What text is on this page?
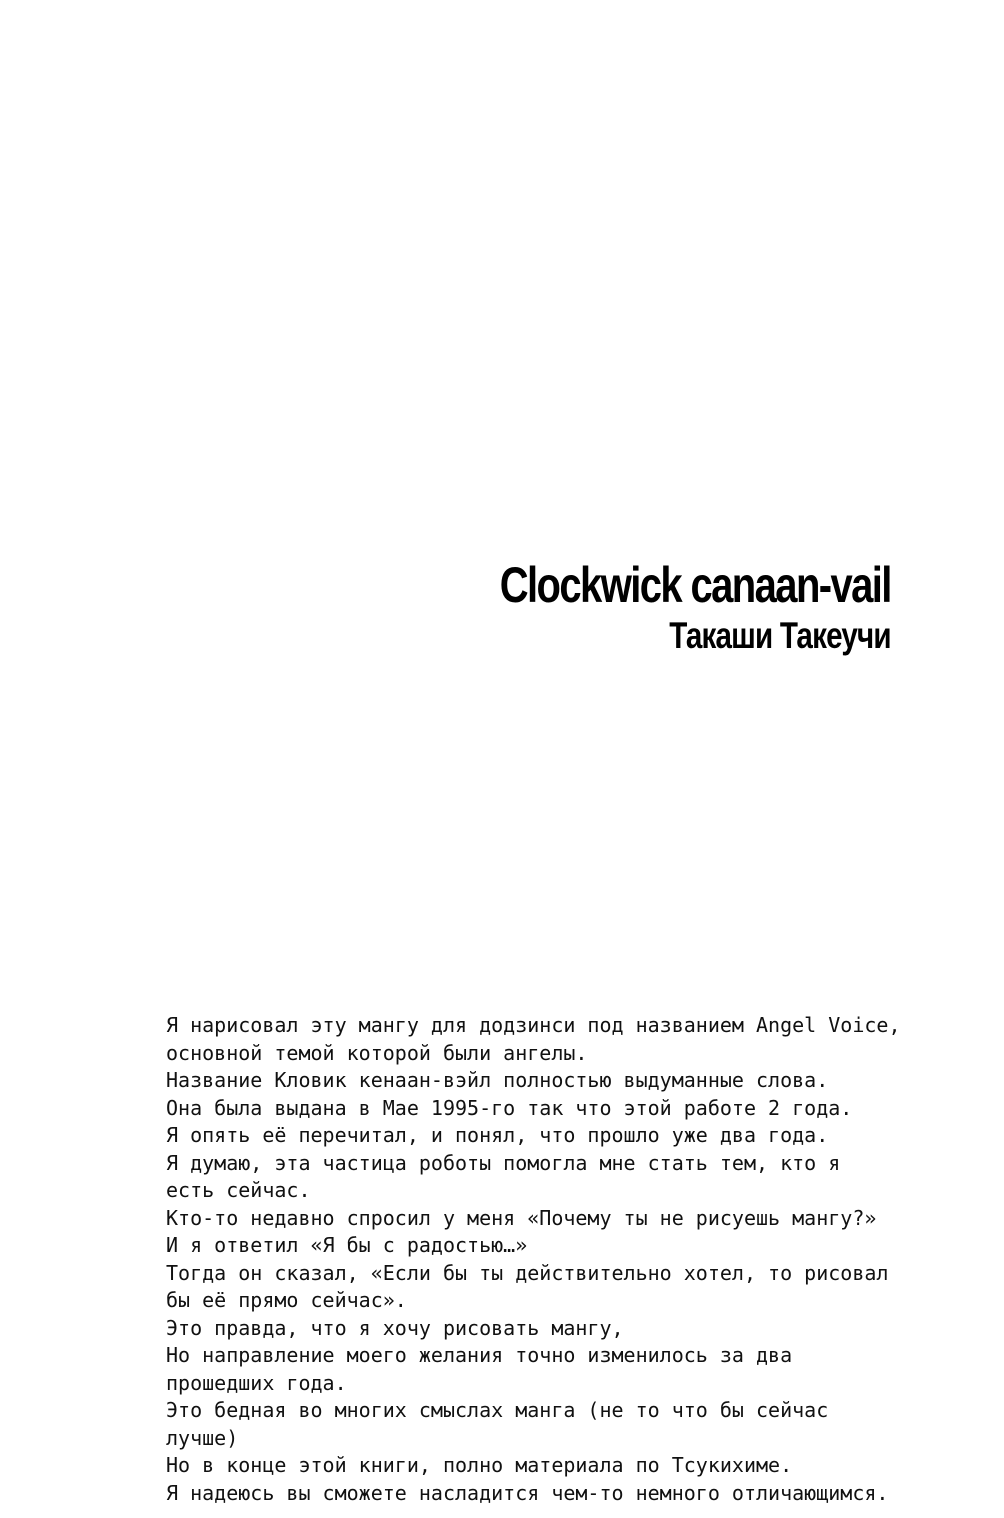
Clockwick canaan-vail
Такаши Такеучи
Я нарисовал эту мангу для додзинси под названием Angel Voice,
основной темой которой были ангелы.
Название Кловик кенаан-вэйл полностью выдуманные слова.
Она была выдана в Мае 1995-го так что этой работе 2 года.
Я опять её перечитал, и понял, что прошло уже два года.
Я думаю, эта частица роботы помогла мне стать тем, кто я
есть сейчас.
Кто-то недавно спросил у меня «Почему ты не рисуешь мангу?»
И я ответил «Я бы с радостью…»
Тогда он сказал, «Если бы ты действительно хотел, то рисовал
бы её прямо сейчас».
Это правда, что я хочу рисовать мангу,
Но направление моего желания точно изменилось за два
прошедших года.
Это бедная во многих смыслах манга (не то что бы сейчас
лучше)
Но в конце этой книги, полно материала по Тсукихиме.
Я надеюсь вы сможете насладится чем-то немного отличающимся.
